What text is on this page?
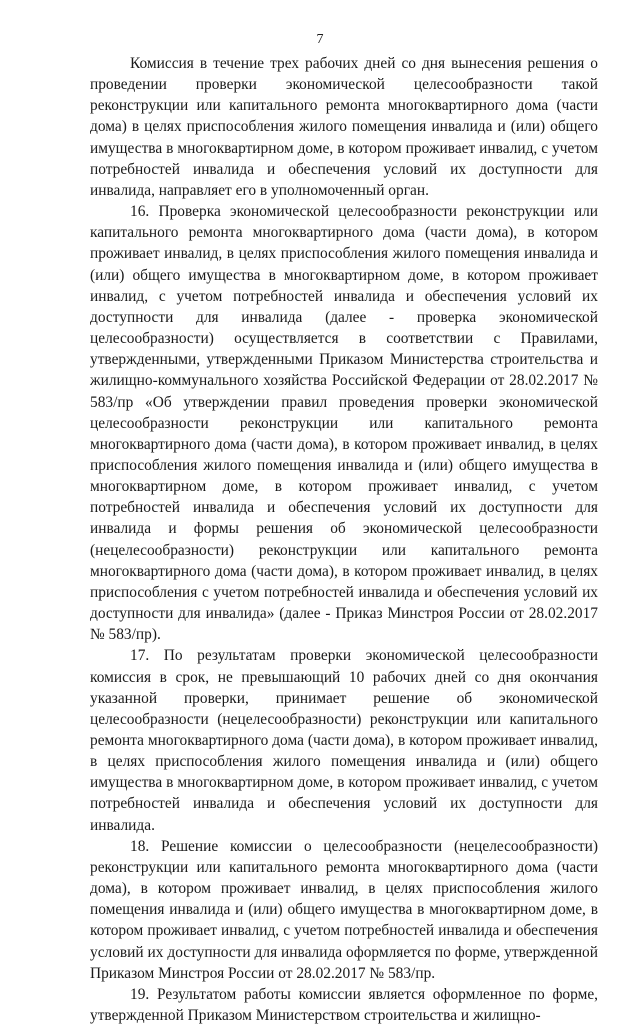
7

Комиссия в течение трех рабочих дней со дня вынесения решения о проведении проверки экономической целесообразности такой реконструкции или капитального ремонта многоквартирного дома (части дома) в целях приспособления жилого помещения инвалида и (или) общего имущества в многоквартирном доме, в котором проживает инвалид, с учетом потребностей инвалида и обеспечения условий их доступности для инвалида, направляет его в уполномоченный орган.

16. Проверка экономической целесообразности реконструкции или капитального ремонта многоквартирного дома (части дома), в котором проживает инвалид, в целях приспособления жилого помещения инвалида и (или) общего имущества в многоквартирном доме, в котором проживает инвалид, с учетом потребностей инвалида и обеспечения условий их доступности для инвалида (далее - проверка экономической целесообразности) осуществляется в соответствии с Правилами, утвержденными, утвержденными Приказом Министерства строительства и жилищно-коммунального хозяйства Российской Федерации от 28.02.2017 № 583/пр «Об утверждении правил проведения проверки экономической целесообразности реконструкции или капитального ремонта многоквартирного дома (части дома), в котором проживает инвалид, в целях приспособления жилого помещения инвалида и (или) общего имущества в многоквартирном доме, в котором проживает инвалид, с учетом потребностей инвалида и обеспечения условий их доступности для инвалида и формы решения об экономической целесообразности (нецелесообразности) реконструкции или капитального ремонта многоквартирного дома (части дома), в котором проживает инвалид, в целях приспособления с учетом потребностей инвалида и обеспечения условий их доступности для инвалида» (далее - Приказ Минстроя России от 28.02.2017 № 583/пр).

17. По результатам проверки экономической целесообразности комиссия в срок, не превышающий 10 рабочих дней со дня окончания указанной проверки, принимает решение об экономической целесообразности (нецелесообразности) реконструкции или капитального ремонта многоквартирного дома (части дома), в котором проживает инвалид, в целях приспособления жилого помещения инвалида и (или) общего имущества в многоквартирном доме, в котором проживает инвалид, с учетом потребностей инвалида и обеспечения условий их доступности для инвалида.

18. Решение комиссии о целесообразности (нецелесообразности) реконструкции или капитального ремонта многоквартирного дома (части дома), в котором проживает инвалид, в целях приспособления жилого помещения инвалида и (или) общего имущества в многоквартирном доме, в котором проживает инвалид, с учетом потребностей инвалида и обеспечения условий их доступности для инвалида оформляется по форме, утвержденной Приказом Минстроя России от 28.02.2017 № 583/пр.

19. Результатом работы комиссии является оформленное по форме, утвержденной Приказом Министерством строительства и жилищно-
